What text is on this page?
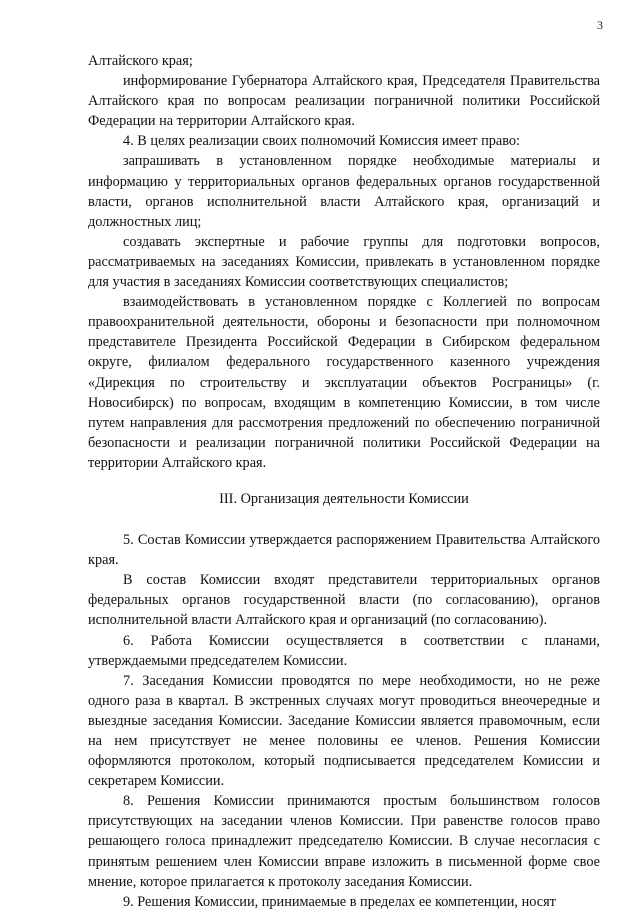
3

Алтайского края;

информирование Губернатора Алтайского края, Председателя Правительства Алтайского края по вопросам реализации пограничной политики Российской Федерации на территории Алтайского края.

4. В целях реализации своих полномочий Комиссия имеет право:

запрашивать в установленном порядке необходимые материалы и информацию у территориальных органов федеральных органов государственной власти, органов исполнительной власти Алтайского края, организаций и должностных лиц;

создавать экспертные и рабочие группы для подготовки вопросов, рассматриваемых на заседаниях Комиссии, привлекать в установленном порядке для участия в заседаниях Комиссии соответствующих специалистов;

взаимодействовать в установленном порядке с Коллегией по вопросам правоохранительной деятельности, обороны и безопасности при полномочном представителе Президента Российской Федерации в Сибирском федеральном округе, филиалом федерального государственного казенного учреждения «Дирекция по строительству и эксплуатации объектов Росграницы» (г. Новосибирск) по вопросам, входящим в компетенцию Комиссии, в том числе путем направления для рассмотрения предложений по обеспечению пограничной безопасности и реализации пограничной политики Российской Федерации на территории Алтайского края.

III. Организация деятельности Комиссии

5. Состав Комиссии утверждается распоряжением Правительства Алтайского края.

В состав Комиссии входят представители территориальных органов федеральных органов государственной власти (по согласованию), органов исполнительной власти Алтайского края и организаций (по согласованию).

6. Работа Комиссии осуществляется в соответствии с планами, утверждаемыми председателем Комиссии.

7. Заседания Комиссии проводятся по мере необходимости, но не реже одного раза в квартал. В экстренных случаях могут проводиться внеочередные и выездные заседания Комиссии. Заседание Комиссии является правомочным, если на нем присутствует не менее половины ее членов. Решения Комиссии оформляются протоколом, который подписывается председателем Комиссии и секретарем Комиссии.

8. Решения Комиссии принимаются простым большинством голосов присутствующих на заседании членов Комиссии. При равенстве голосов право решающего голоса принадлежит председателю Комиссии. В случае несогласия с принятым решением член Комиссии вправе изложить в письменной форме свое мнение, которое прилагается к протоколу заседания Комиссии.

9. Решения Комиссии, принимаемые в пределах ее компетенции, носят
